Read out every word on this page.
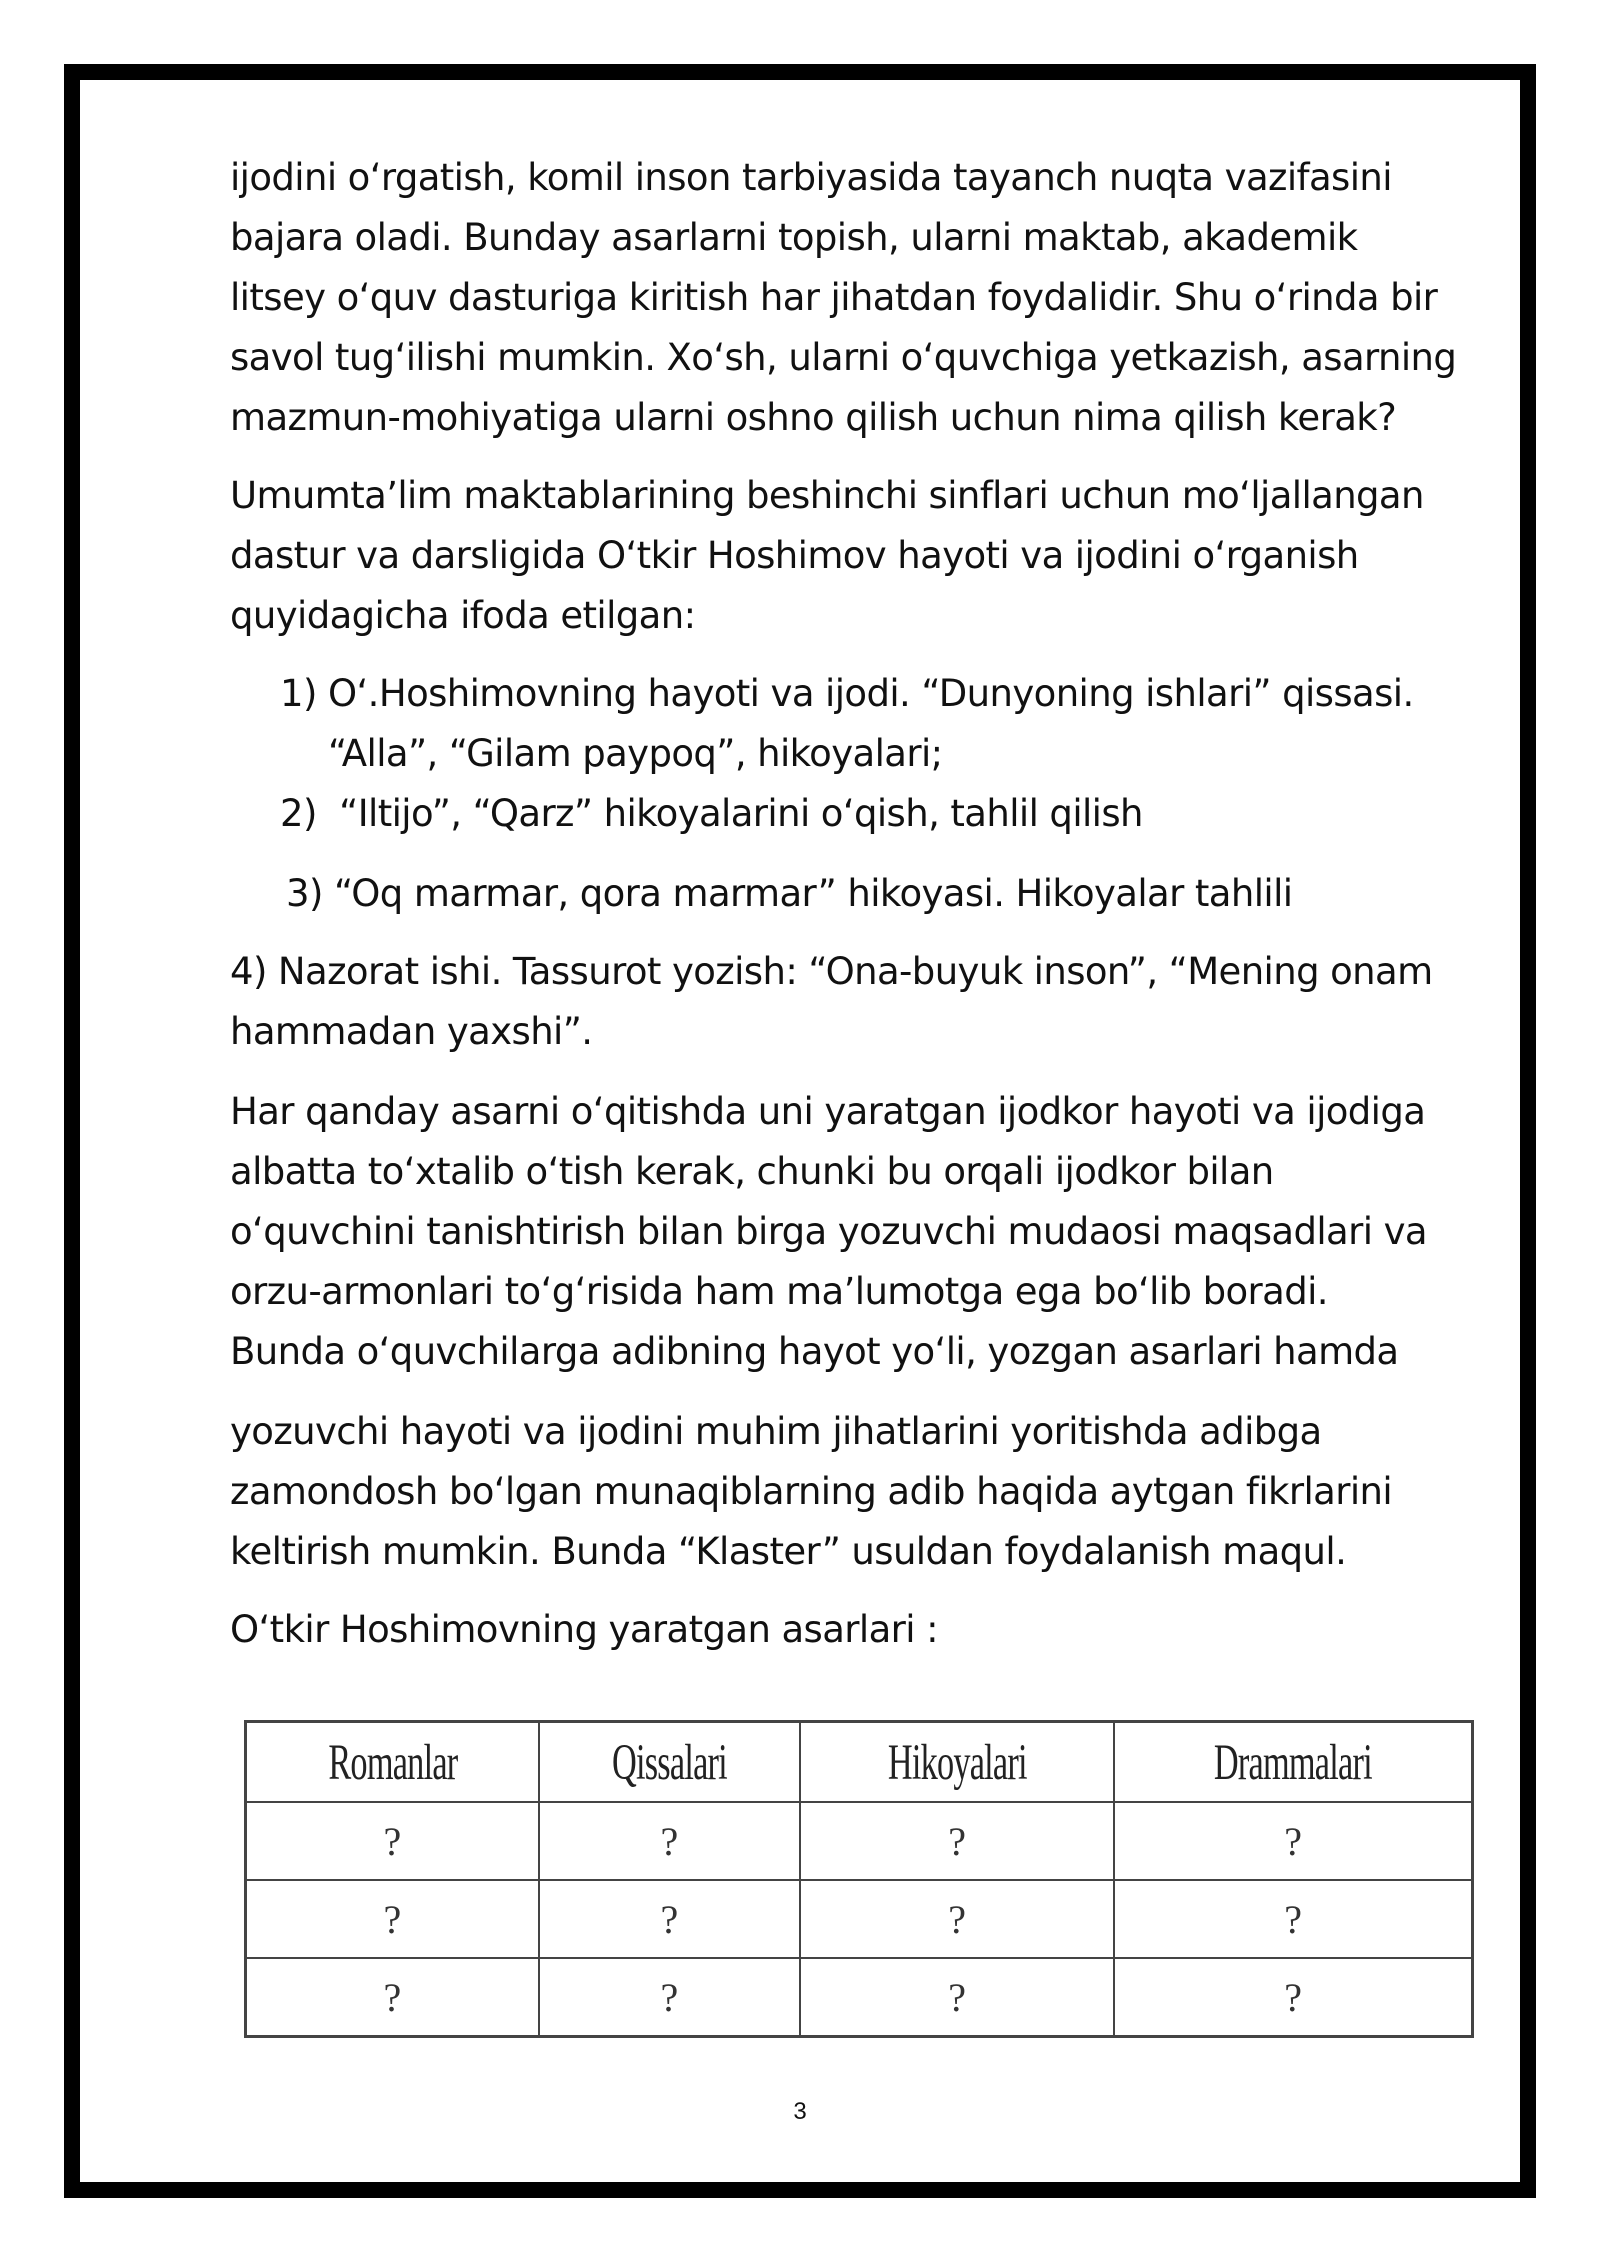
ijodini oʻrgatish, komil inson tarbiyasida tayanch nuqta vazifasini
bajara oladi. Bunday asarlarni topish, ularni maktab, akademik
litsey oʻquv dasturiga kiritish har jihatdan foydalidir. Shu oʻrinda bir
savol tugʻilishi mumkin. Xoʻsh, ularni oʻquvchiga yetkazish, asarning
mazmun-mohiyatiga ularni oshno qilish uchun nima qilish kerak?

Umumta’lim maktablarining beshinchi sinflari uchun moʻljallangan
dastur va darsligida Oʻtkir Hoshimov hayoti va ijodini oʻrganish
quyidagicha ifoda etilgan:

1) Oʻ.Hoshimovning hayoti va ijodi. “Dunyoning ishlari” qissasi.
“Alla”, “Gilam paypoq”, hikoyalari;
2) “Iltijo”, “Qarz” hikoyalarini oʻqish, tahlil qilish
3) “Oq marmar, qora marmar” hikoyasi. Hikoyalar tahlili

4) Nazorat ishi. Tassurot yozish: “Ona-buyuk inson”, “Mening onam
hammadan yaxshi”.

Har qanday asarni oʻqitishda uni yaratgan ijodkor hayoti va ijodiga
albatta toʻxtalib oʻtish kerak, chunki bu orqali ijodkor bilan
oʻquvchini tanishtirish bilan birga yozuvchi mudaosi maqsadlari va
orzu-armonlari toʻgʻrisida ham ma’lumotga ega boʻlib boradi.
Bunda oʻquvchilarga adibning hayot yoʻli, yozgan asarlari hamda

yozuvchi hayoti va ijodini muhim jihatlarini yoritishda adibga
zamondosh boʻlgan munaqiblarning adib haqida aytgan fikrlarini
keltirish mumkin. Bunda “Klaster” usuldan foydalanish maqul.

Oʻtkir Hoshimovning yaratgan asarlari :

Romanlar	Qissalari	Hikoyalari	Drammalari
?	?	?	?
?	?	?	?
?	?	?	?
3
